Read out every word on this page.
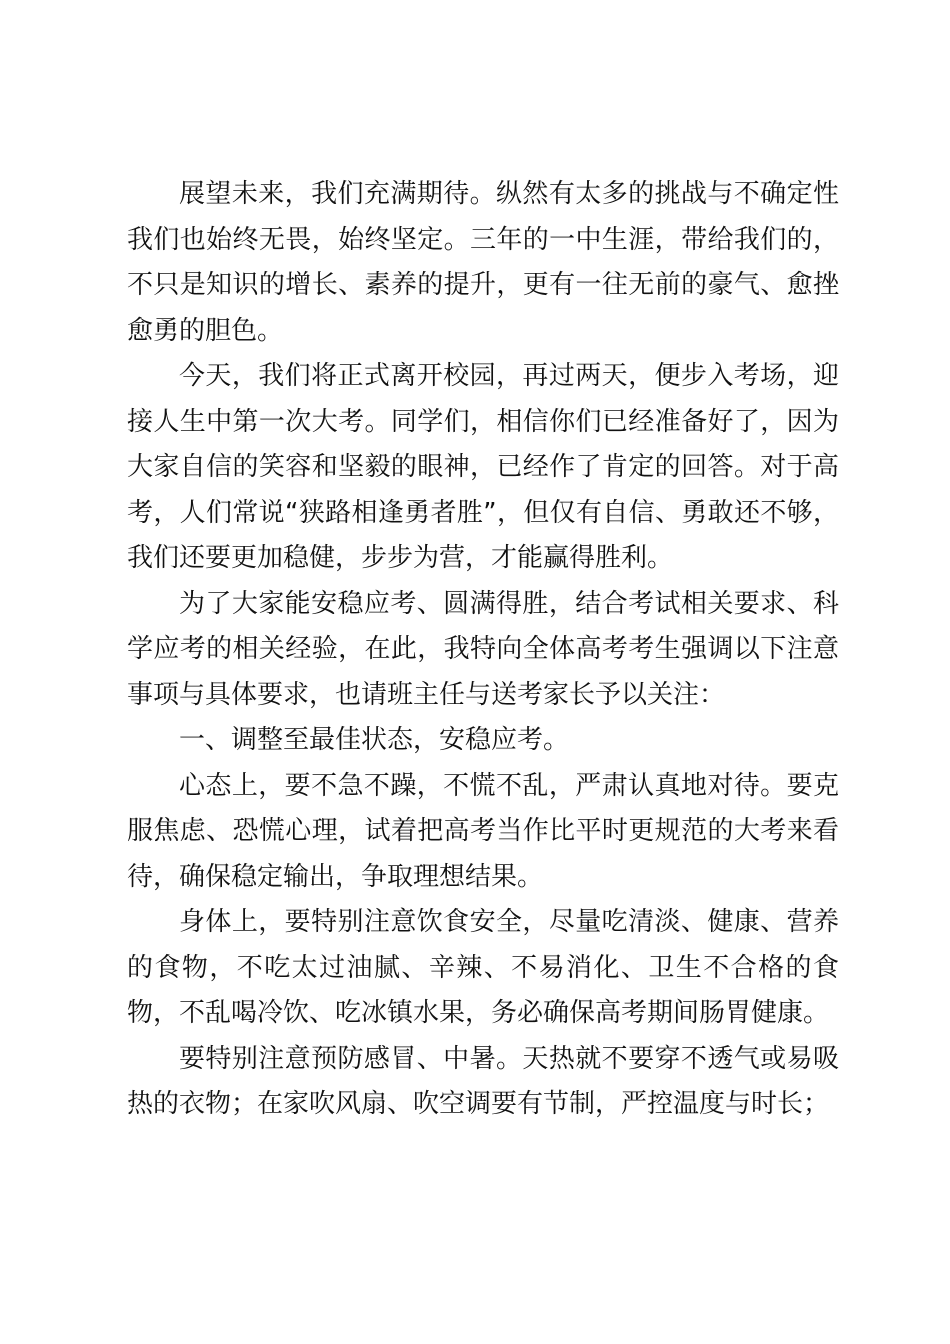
展望未来，我们充满期待。纵然有太多的挑战与不确定性我们也始终无畏，始终坚定。三年的一中生涯，带给我们的，不只是知识的增长、素养的提升，更有一往无前的豪气、愈挫愈勇的胆色。

今天，我们将正式离开校园，再过两天，便步入考场，迎接人生中第一次大考。同学们，相信你们已经准备好了，因为大家自信的笑容和坚毅的眼神，已经作了肯定的回答。对于高考，人们常说“狭路相逢勇者胜”，但仅有自信、勇敢还不够，我们还要更加稳健，步步为营，才能赢得胜利。

为了大家能安稳应考、圆满得胜，结合考试相关要求、科学应考的相关经验，在此，我特向全体高考考生强调以下注意事项与具体要求，也请班主任与送考家长予以关注：

一、调整至最佳状态，安稳应考。

心态上，要不急不躁，不慌不乱，严肃认真地对待。要克服焦虑、恐慌心理，试着把高考当作比平时更规范的大考来看待，确保稳定输出，争取理想结果。

身体上，要特别注意饮食安全，尽量吃清淡、健康、营养的食物，不吃太过油腻、辛辣、不易消化、卫生不合格的食物，不乱喝冷饮、吃冰镇水果，务必确保高考期间肠胃健康。

要特别注意预防感冒、中暑。天热就不要穿不透气或易吸热的衣物；在家吹风扇、吹空调要有节制，严控温度与时长；
